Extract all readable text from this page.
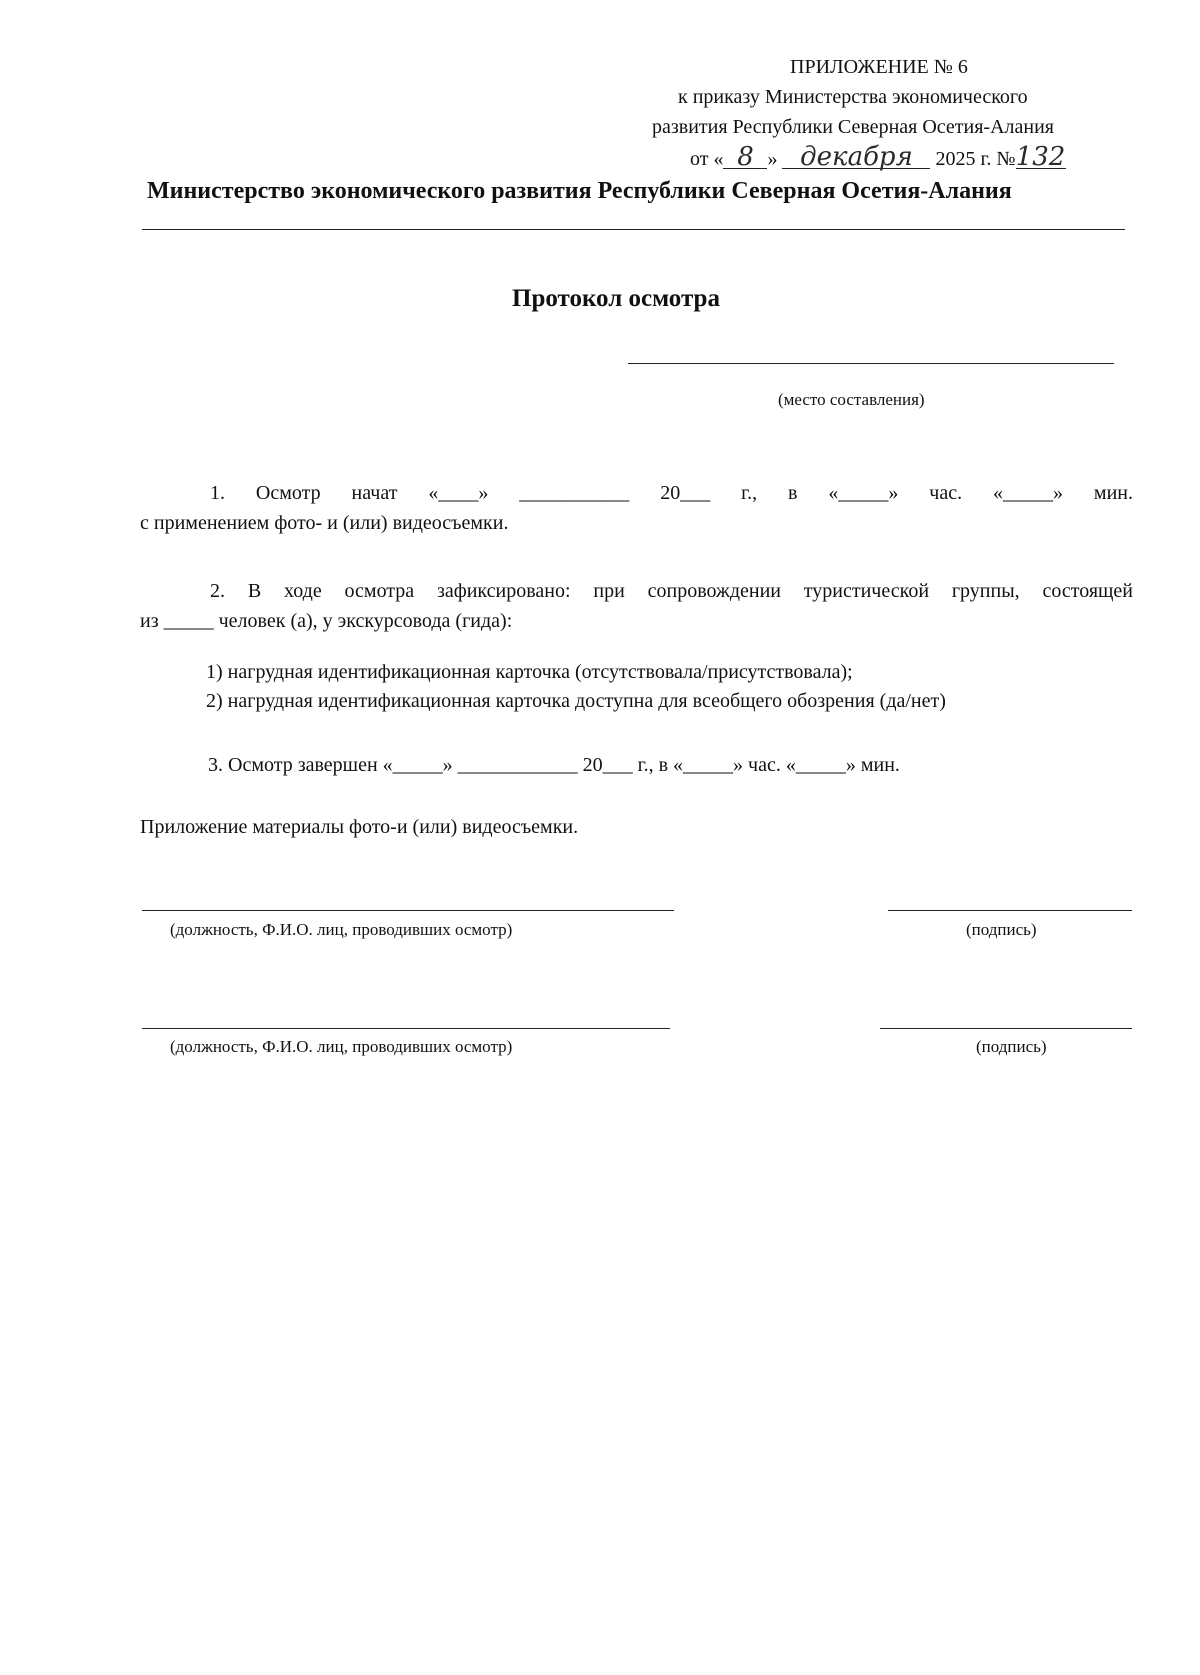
ПРИЛОЖЕНИЕ № 6
к приказу Министерства экономического
развития Республики Северная Осетия-Алания
от « 8 » декабря 2025 г. №132
Министерство экономического развития Республики Северная Осетия-Алания
Протокол осмотра
(место составления)
1. Осмотр начат «____» ___________ 20___ г., в «_____» час. «_____» мин.
с применением фото- и (или) видеосъемки.
2. В ходе осмотра зафиксировано: при сопровождении туристической группы, состоящей
из _____ человек (а), у экскурсовода (гида):
1) нагрудная идентификационная карточка (отсутствовала/присутствовала);
2) нагрудная идентификационная карточка доступна для всеобщего обозрения (да/нет)
3. Осмотр завершен «_____» ____________ 20___ г., в «_____» час. «_____» мин.
Приложение материалы фото-и (или) видеосъемки.
(должность, Ф.И.О. лиц, проводивших осмотр)	(подпись)
(должность, Ф.И.О. лиц, проводивших осмотр)	(подпись)
